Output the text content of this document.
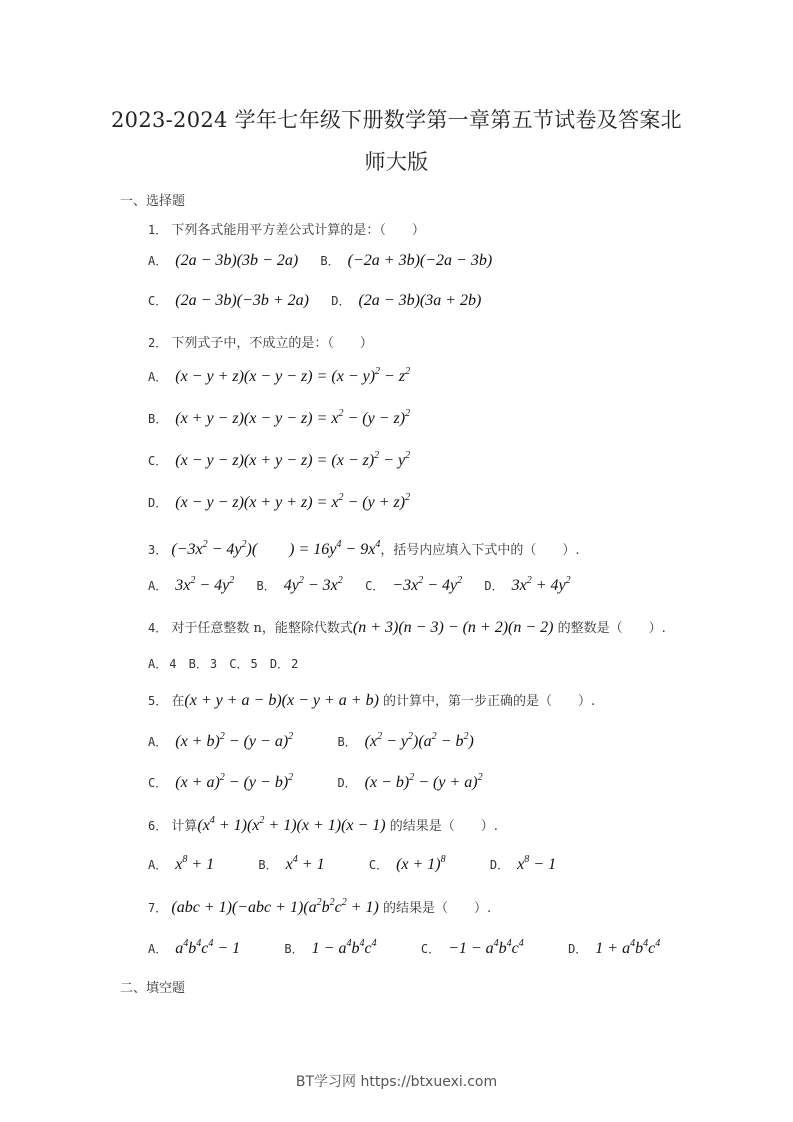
2023-2024 学年七年级下册数学第一章第五节试卷及答案北
师大版
一、选择题
1． 下列各式能用平方差公式计算的是：（　　）
A． (2a − 3b)(3b − 2a) B． (−2a + 3b)(−2a − 3b)
C． (2a − 3b)(−3b + 2a) D． (2a − 3b)(3a + 2b)
2． 下列式子中，不成立的是：（　　）
A． $(x - y + z)(x - y - z) = (x - y)^2 - z^2$
B． $(x + y - z)(x - y - z) = x^2 - (y - z)^2$
C． $(x - y - z)(x + y - z) = (x - z)^2 - y^2$
D． $(x - y - z)(x + y + z) = x^2 - (y + z)^2$
3． $(-3x^2 - 4y^2)$(　　) = $16y^4 - 9x^4$，括号内应填入下式中的（　　）.
A． $3x^2 - 4y^2$ B． $4y^2 - 3x^2$ C． $-3x^2 - 4y^2$ D． $3x^2 + 4y^2$
4． 对于任意整数 n，能整除代数式(n + 3)(n − 3) − (n + 2)(n − 2) 的整数是（　　）.
A． 4 B． 3 C． 5 D． 2
5． 在(x + y + a − b)(x − y + a + b) 的计算中，第一步正确的是（　　）.
A． $(x + b)^2 - (y - a)^2$	B． $(x^2 - y^2)(a^2 - b^2)$
C． $(x + a)^2 - (y - b)^2$	D． $(x - b)^2 - (y + a)^2$
6． 计算$(x^4 + 1)(x^2 + 1)(x + 1)(x - 1)$ 的结果是（　　）.
A． $x^8 + 1$	B． $x^4 + 1$	C． $(x + 1)^8$	D． $x^8 - 1$
7． $(abc + 1)(-abc + 1)(a^2b^2c^2 + 1)$ 的结果是（　　）.
A． $a^4b^4c^4 - 1$	B． $1 - a^4b^4c^4$	C． $-1 - a^4b^4c^4$	D． $1 + a^4b^4c^4$
二、填空题
BT学习网 https://btxuexi.com
